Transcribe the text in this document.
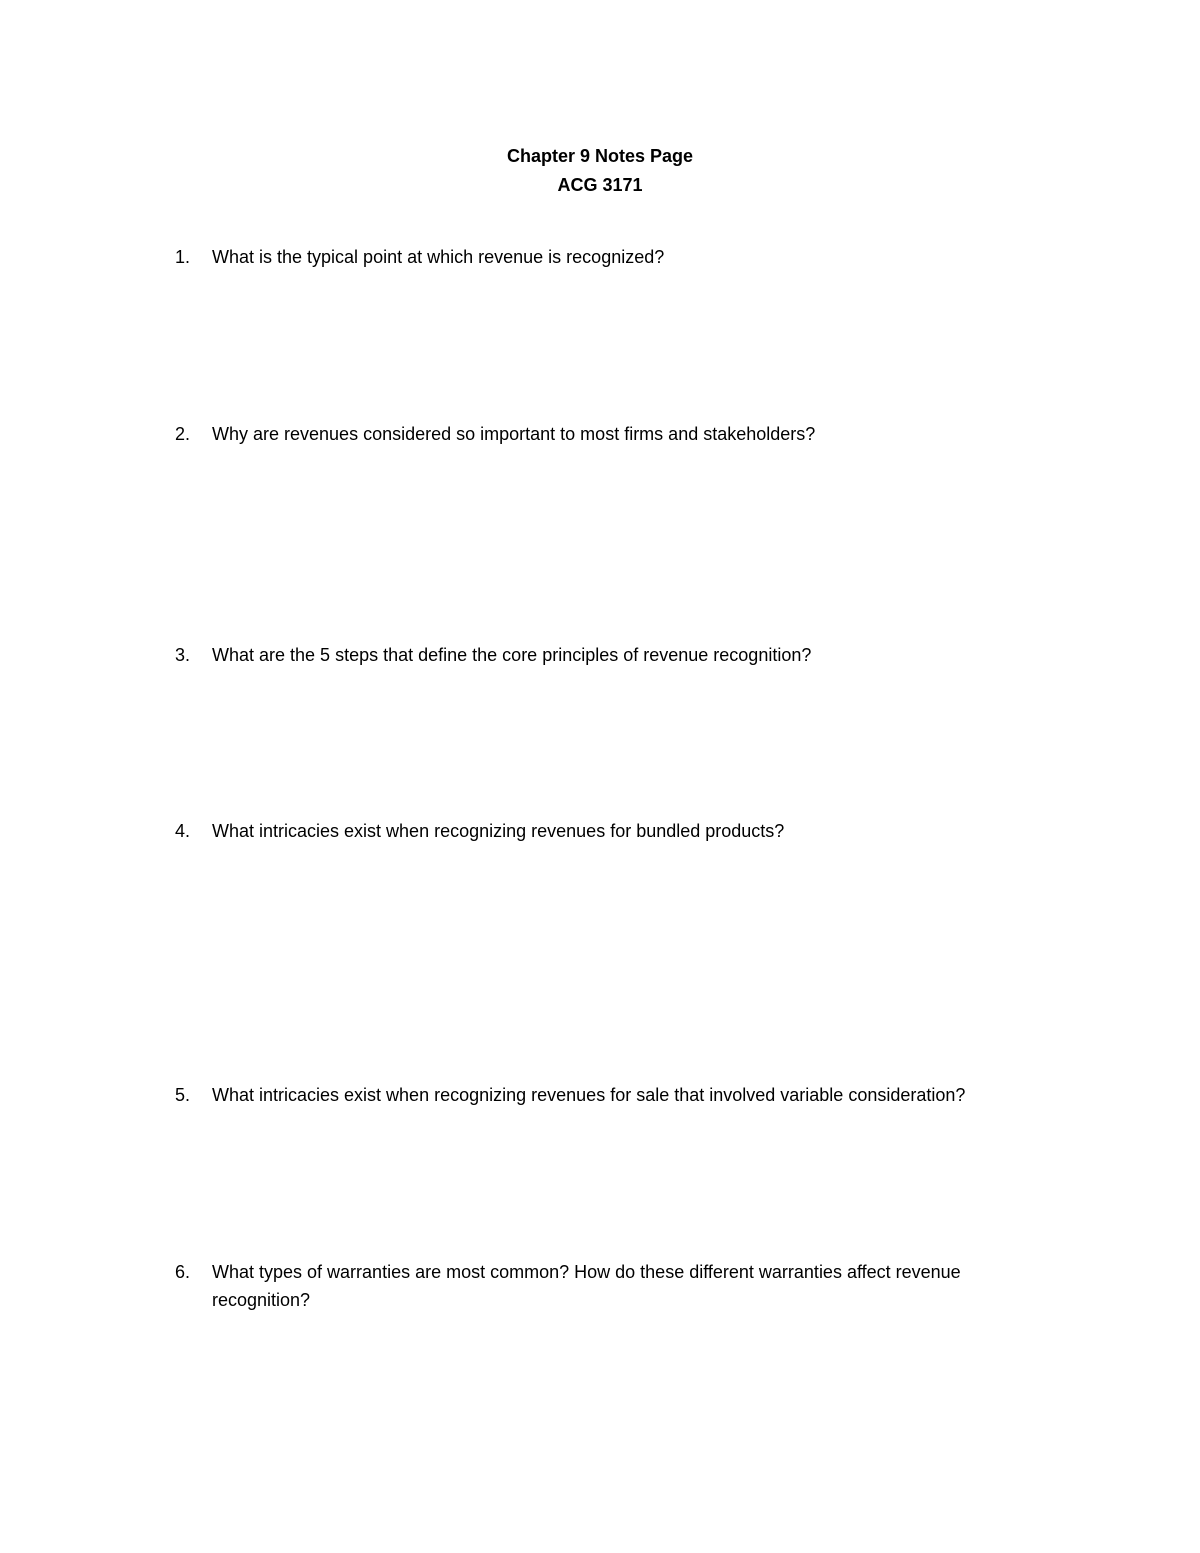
Chapter 9 Notes Page
ACG 3171
1.	What is the typical point at which revenue is recognized?
2.	Why are revenues considered so important to most firms and stakeholders?
3.	What are the 5 steps that define the core principles of revenue recognition?
4.	What intricacies exist when recognizing revenues for bundled products?
5.	What intricacies exist when recognizing revenues for sale that involved variable consideration?
6.	What types of warranties are most common? How do these different warranties affect revenue recognition?
